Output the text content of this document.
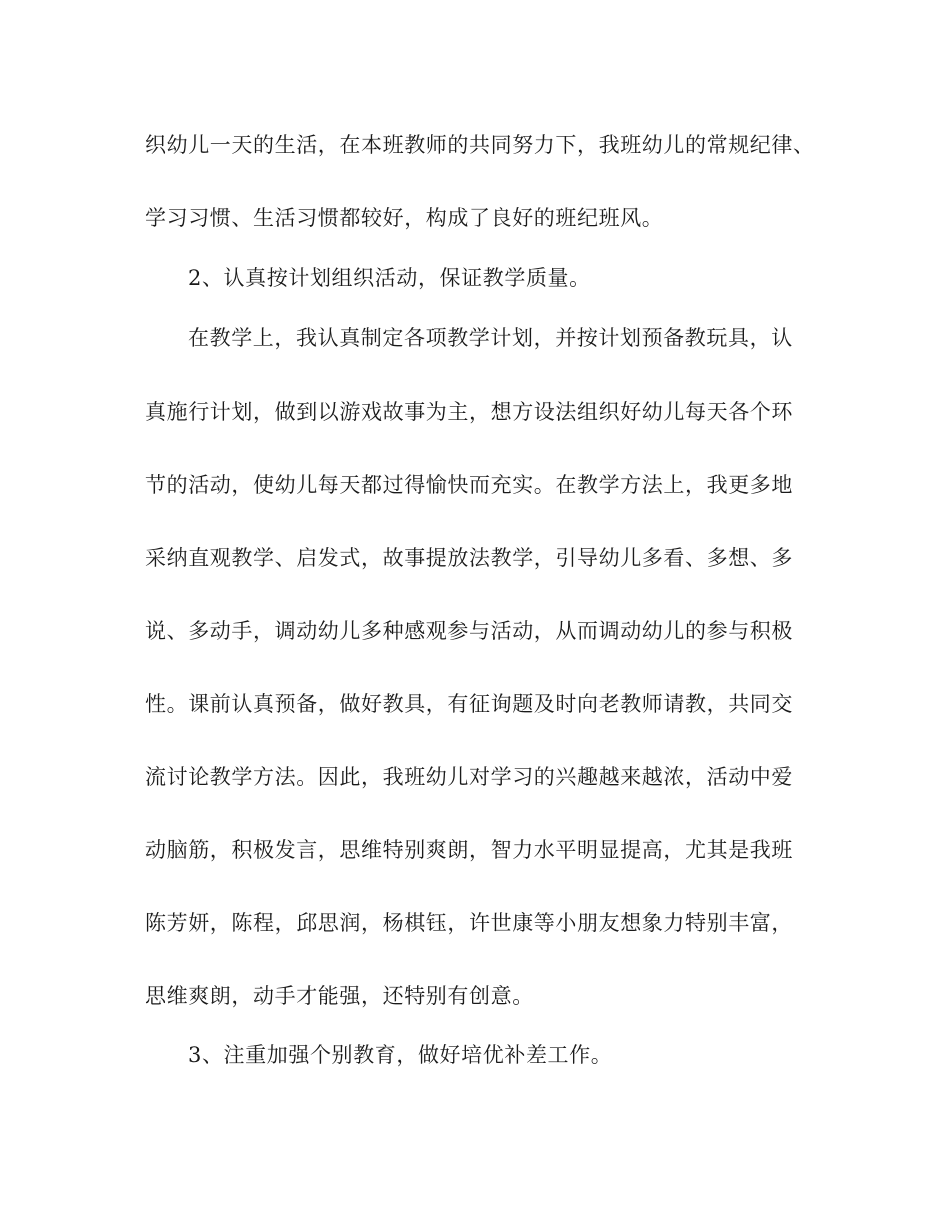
织幼儿一天的生活，在本班教师的共同努力下，我班幼儿的常规纪律、
学习习惯、生活习惯都较好，构成了良好的班纪班风。
2、认真按计划组织活动，保证教学质量。
在教学上，我认真制定各项教学计划，并按计划预备教玩具，认
真施行计划，做到以游戏故事为主，想方设法组织好幼儿每天各个环
节的活动，使幼儿每天都过得愉快而充实。在教学方法上，我更多地
采纳直观教学、启发式，故事提放法教学，引导幼儿多看、多想、多
说、多动手，调动幼儿多种感观参与活动，从而调动幼儿的参与积极
性。课前认真预备，做好教具，有征询题及时向老教师请教，共同交
流讨论教学方法。因此，我班幼儿对学习的兴趣越来越浓，活动中爱
动脑筋，积极发言，思维特别爽朗，智力水平明显提高，尤其是我班
陈芳妍，陈程，邱思润，杨棋钰，许世康等小朋友想象力特别丰富，
思维爽朗，动手才能强，还特别有创意。
3、注重加强个别教育，做好培优补差工作。
